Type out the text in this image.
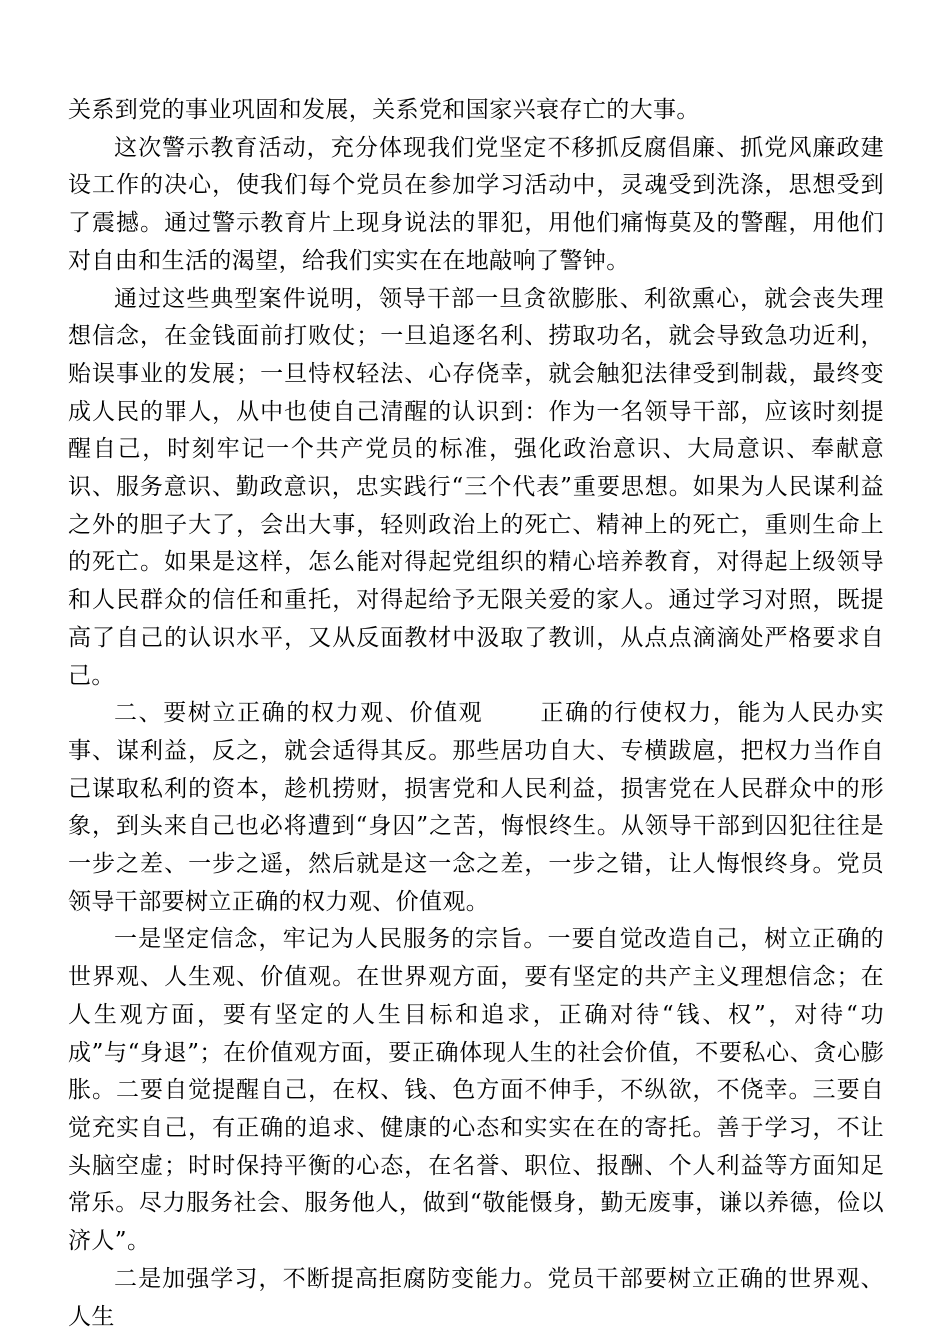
关系到党的事业巩固和发展，关系党和国家兴衰存亡的大事。

这次警示教育活动，充分体现我们党坚定不移抓反腐倡廉、抓党风廉政建设工作的决心，使我们每个党员在参加学习活动中，灵魂受到洗涤，思想受到了震撼。通过警示教育片上现身说法的罪犯，用他们痛悔莫及的警醒，用他们对自由和生活的渴望，给我们实实在在地敲响了警钟。

通过这些典型案件说明，领导干部一旦贪欲膨胀、利欲熏心，就会丧失理想信念，在金钱面前打败仗；一旦追逐名利、捞取功名，就会导致急功近利，贻误事业的发展；一旦恃权轻法、心存侥幸，就会触犯法律受到制裁，最终变成人民的罪人，从中也使自己清醒的认识到：作为一名领导干部，应该时刻提醒自己，时刻牢记一个共产党员的标准，强化政治意识、大局意识、奉献意识、服务意识、勤政意识，忠实践行“三个代表”重要思想。如果为人民谋利益之外的胆子大了，会出大事，轻则政治上的死亡、精神上的死亡，重则生命上的死亡。如果是这样，怎么能对得起党组织的精心培养教育，对得起上级领导和人民群众的信任和重托，对得起给予无限关爱的家人。通过学习对照，既提高了自己的认识水平，又从反面教材中汲取了教训，从点点滴滴处严格要求自己。

二、要树立正确的权力观、价值观 正确的行使权力，能为人民办实事、谋利益，反之，就会适得其反。那些居功自大、专横跋扈，把权力当作自己谋取私利的资本，趁机捞财，损害党和人民利益，损害党在人民群众中的形象，到头来自己也必将遭到“身囚”之苦，悔恨终生。从领导干部到囚犯往往是一步之差、一步之遥，然后就是这一念之差，一步之错，让人悔恨终身。党员领导干部要树立正确的权力观、价值观。

一是坚定信念，牢记为人民服务的宗旨。一要自觉改造自己，树立正确的世界观、人生观、价值观。在世界观方面，要有坚定的共产主义理想信念；在人生观方面，要有坚定的人生目标和追求，正确对待“钱、权”，对待“功成”与“身退”；在价值观方面，要正确体现人生的社会价值，不要私心、贪心膨胀。二要自觉提醒自己，在权、钱、色方面不伸手，不纵欲，不侥幸。三要自觉充实自己，有正确的追求、健康的心态和实实在在的寄托。善于学习，不让头脑空虚；时时保持平衡的心态，在名誉、职位、报酬、个人利益等方面知足常乐。尽力服务社会、服务他人，做到“敬能慑身，勤无废事，谦以养德，俭以济人”。

二是加强学习，不断提高拒腐防变能力。党员干部要树立正确的世界观、人生
